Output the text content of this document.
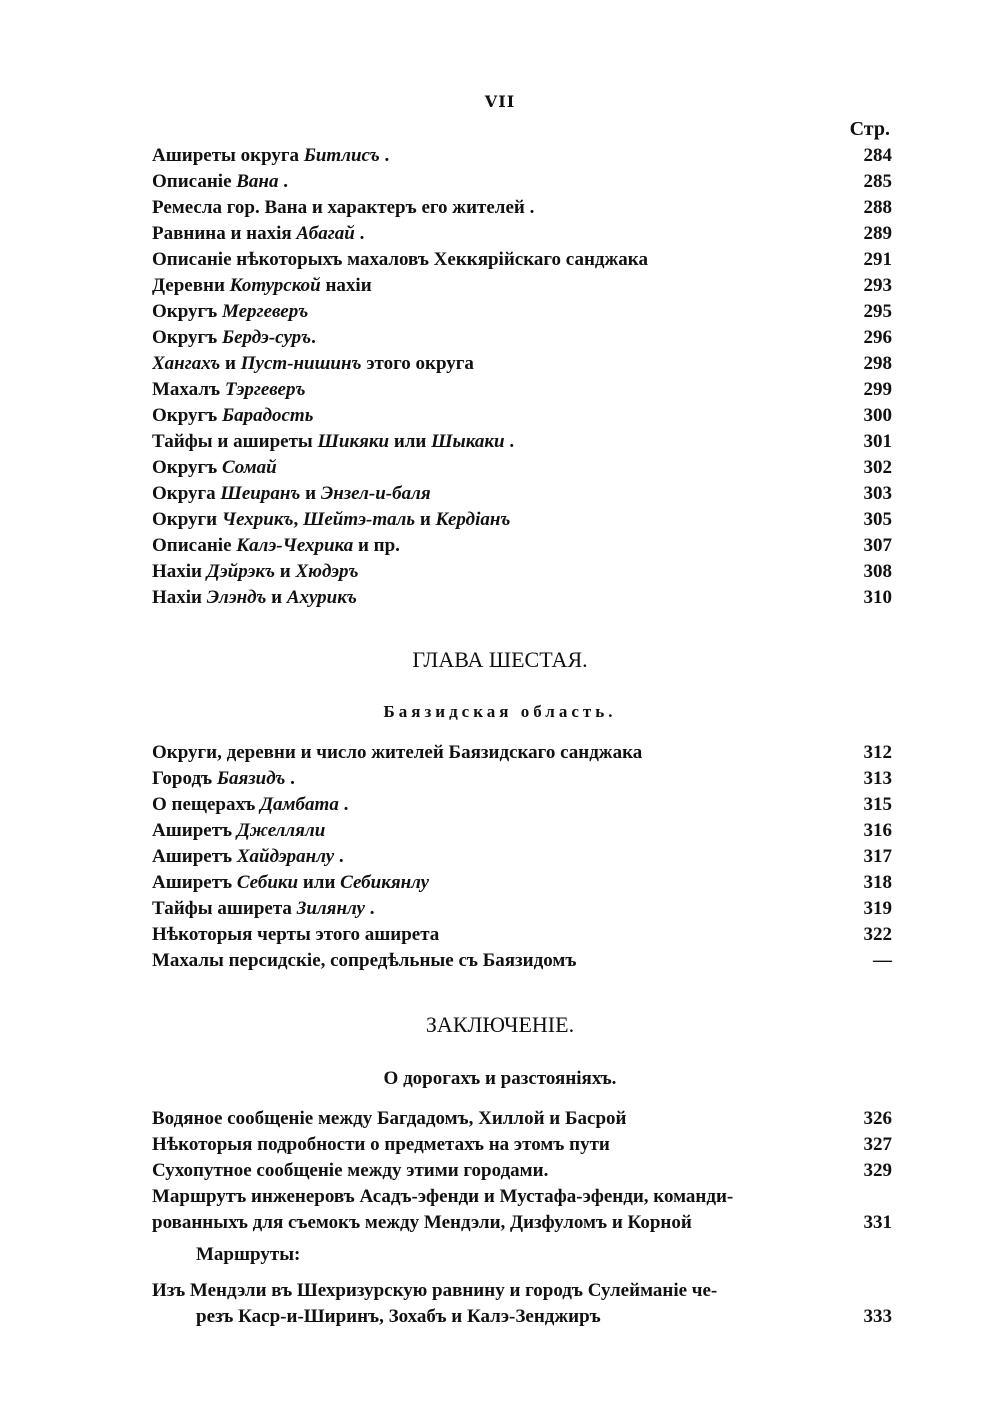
VII
Стр.
Аширеты округа Битлисъ .	284
Описаніе Вана .	285
Ремесла гор. Вана и характеръ его жителей .	288
Равнина и нахія Абагай .	289
Описаніе нѣкоторыхъ махаловъ Хеккярійскаго санджака	291
Деревни Котурской нахіи	293
Округъ Мергеверъ	295
Округъ Бердэ-суръ.	296
Хангахъ и Пуст-нишинъ этого округа	298
Махалъ Тэргеверъ	299
Округъ Барадость	300
Тайфы и аширеты Шикяки или Шыкаки .	301
Округъ Сомай	302
Округа Шеиранъ и Энзел-и-баля	303
Округи Чехрикъ, Шейтэ-таль и Кердіанъ	305
Описаніе Калэ-Чехрика и пр.	307
Нахіи Дэйрэкъ и Хюдэръ	308
Нахіи Элэндъ и Ахурикъ	310
ГЛАВА ШЕСТАЯ.
Баязидская область.
Округи, деревни и число жителей Баязидскаго санджака	312
Городъ Баязидъ .	313
О пещерахъ Дамбата .	315
Аширетъ Джелляли	316
Аширетъ Хайдэранлу .	317
Аширетъ Себики или Себикянлу	318
Тайфы аширета Зилянлу .	319
Нѣкоторыя черты этого аширета	322
Махалы персидскіе, сопредѣльные съ Баязидомъ	—
ЗАКЛЮЧЕНІЕ.
О дорогахъ и разстояніяхъ.
Водяное сообщеніе между Багдадомъ, Хиллой и Басрой	326
Нѣкоторыя подробности о предметахъ на этомъ пути	327
Сухопутное сообщеніе между этими городами.	329
Маршрутъ инженеровъ Асадъ-эфенди и Мустафа-эфенди, команди-
рованныхъ для съемокъ между Мендэли, Дизфуломъ и Корной	331
Маршруты:
Изъ Мендэли въ Шехризурскую равнину и городъ Сулейманіе че-
резъ Каср-и-Ширинъ, Зохабъ и Калэ-Зенджиръ	333
